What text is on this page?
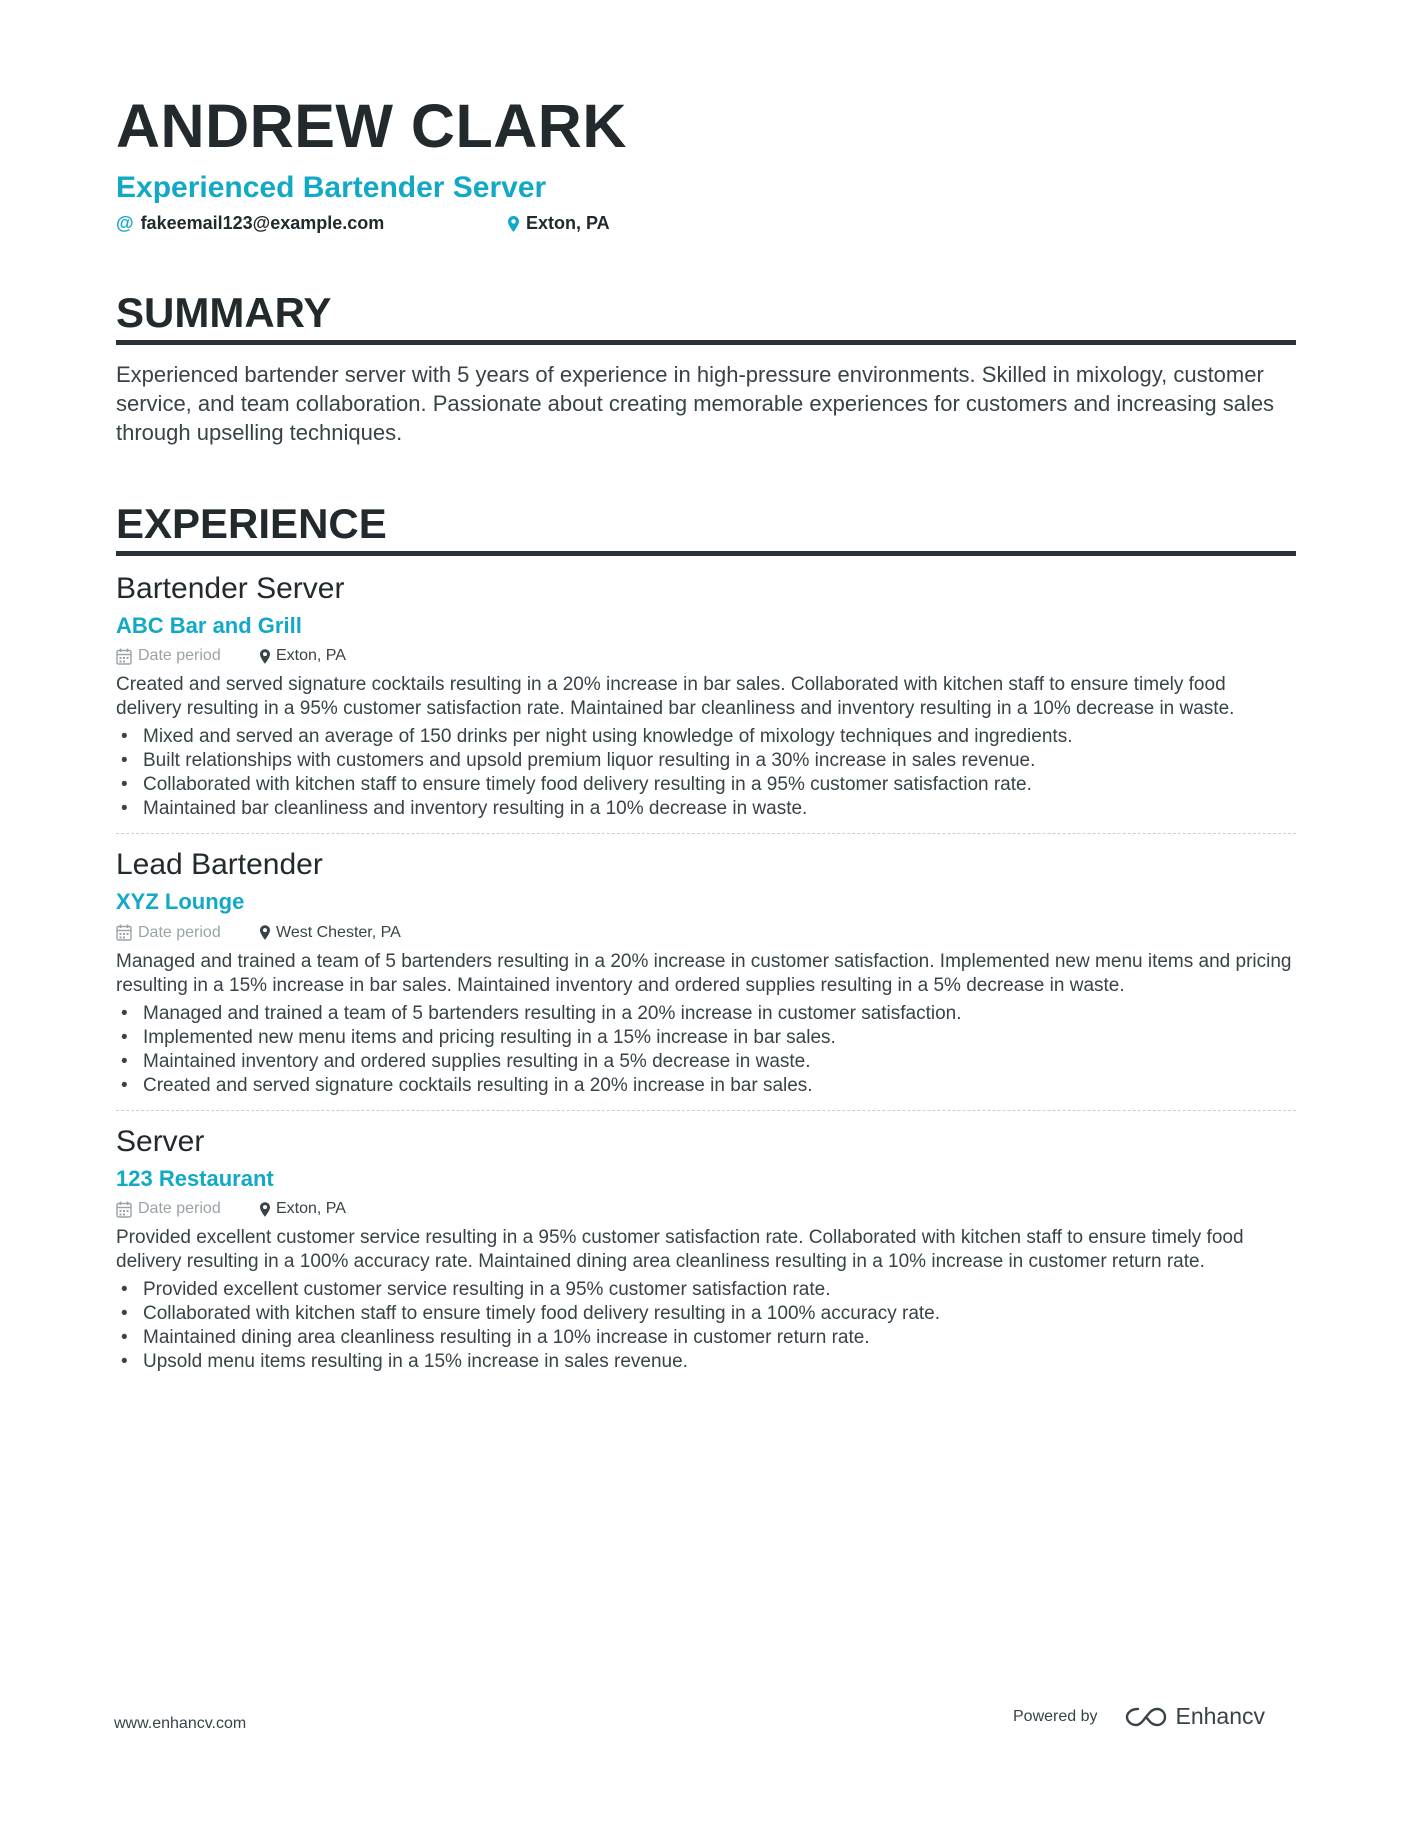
ANDREW CLARK
Experienced Bartender Server
@ fakeemail123@example.com	Exton, PA
SUMMARY
Experienced bartender server with 5 years of experience in high-pressure environments. Skilled in mixology, customer service, and team collaboration. Passionate about creating memorable experiences for customers and increasing sales through upselling techniques.
EXPERIENCE
Bartender Server
ABC Bar and Grill
Date period	Exton, PA
Created and served signature cocktails resulting in a 20% increase in bar sales. Collaborated with kitchen staff to ensure timely food delivery resulting in a 95% customer satisfaction rate. Maintained bar cleanliness and inventory resulting in a 10% decrease in waste.
• Mixed and served an average of 150 drinks per night using knowledge of mixology techniques and ingredients.
• Built relationships with customers and upsold premium liquor resulting in a 30% increase in sales revenue.
• Collaborated with kitchen staff to ensure timely food delivery resulting in a 95% customer satisfaction rate.
• Maintained bar cleanliness and inventory resulting in a 10% decrease in waste.
Lead Bartender
XYZ Lounge
Date period	West Chester, PA
Managed and trained a team of 5 bartenders resulting in a 20% increase in customer satisfaction. Implemented new menu items and pricing resulting in a 15% increase in bar sales. Maintained inventory and ordered supplies resulting in a 5% decrease in waste.
• Managed and trained a team of 5 bartenders resulting in a 20% increase in customer satisfaction.
• Implemented new menu items and pricing resulting in a 15% increase in bar sales.
• Maintained inventory and ordered supplies resulting in a 5% decrease in waste.
• Created and served signature cocktails resulting in a 20% increase in bar sales.
Server
123 Restaurant
Date period	Exton, PA
Provided excellent customer service resulting in a 95% customer satisfaction rate. Collaborated with kitchen staff to ensure timely food delivery resulting in a 100% accuracy rate. Maintained dining area cleanliness resulting in a 10% increase in customer return rate.
• Provided excellent customer service resulting in a 95% customer satisfaction rate.
• Collaborated with kitchen staff to ensure timely food delivery resulting in a 100% accuracy rate.
• Maintained dining area cleanliness resulting in a 10% increase in customer return rate.
• Upsold menu items resulting in a 15% increase in sales revenue.
www.enhancv.com	Powered by	Enhancv
